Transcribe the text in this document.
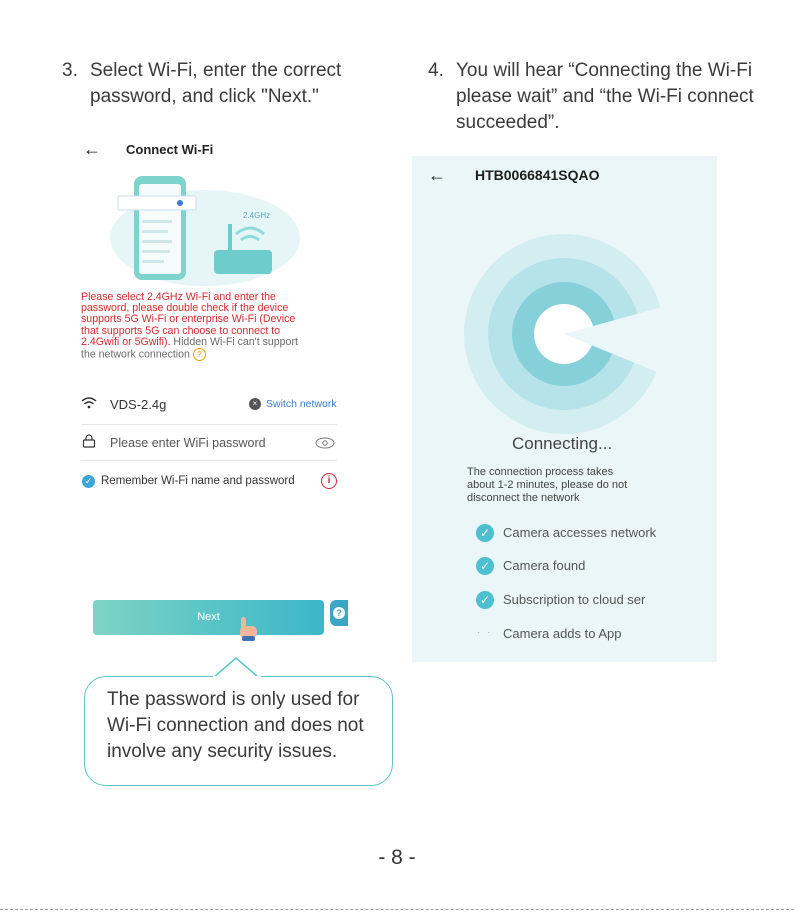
3. Select Wi-Fi, enter the correct
password, and click "Next."
4. You will hear “Connecting the Wi-Fi
please wait” and “the Wi-Fi connect
succeeded”.
← Connect Wi-Fi
2.4GHz
Please select 2.4GHz Wi-Fi and enter the
password, please double check if the device
supports 5G Wi-Fi or enterprise Wi-Fi (Device
that supports 5G can choose to connect to
2.4Gwifi or 5Gwifi). Hidden Wi-Fi can't support
the network connection ?
VDS-2.4g	× Switch network
Please enter WiFi password
✓ Remember Wi-Fi name and password	i
Next	?
The password is only used for
Wi-Fi connection and does not
involve any security issues.
← HTB0066841SQAO
Connecting...
The connection process takes
about 1-2 minutes, please do not
disconnect the network
✓ Camera accesses network
✓ Camera found
✓ Subscription to cloud ser
· · Camera adds to App
- 8 -
